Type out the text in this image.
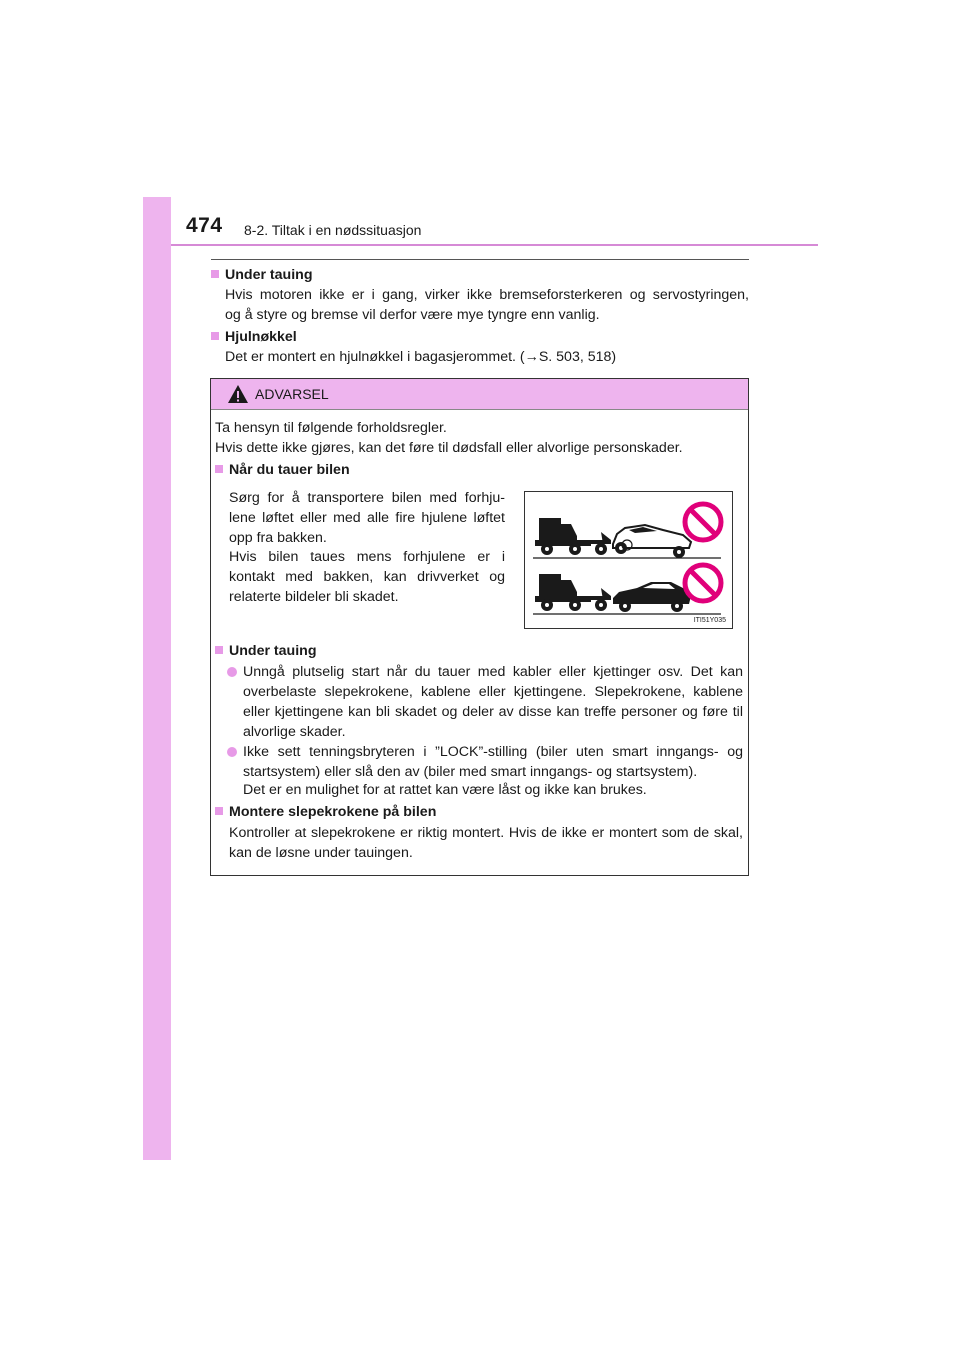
474 8-2. Tiltak i en nødssituasjon
Under tauing
Hvis motoren ikke er i gang, virker ikke bremseforsterkeren og servostyringen,
og å styre og bremse vil derfor være mye tyngre enn vanlig.
Hjulnøkkel
Det er montert en hjulnøkkel i bagasjerommet. (→S. 503, 518)
ADVARSEL
Ta hensyn til følgende forholdsregler.
Hvis dette ikke gjøres, kan det føre til dødsfall eller alvorlige personskader.
Når du tauer bilen
Sørg for å transportere bilen med forhju-lene løftet eller med alle fire hjulene løftet opp fra bakken.
Hvis bilen taues mens forhjulene er i kontakt med bakken, kan drivverket og relaterte bildeler bli skadet.
ITI51Y035
Under tauing
Unngå plutselig start når du tauer med kabler eller kjettinger osv. Det kan overbelaste slepekrokene, kablene eller kjettingene. Slepekrokene, kablene eller kjettingene kan bli skadet og deler av disse kan treffe personer og føre til alvorlige skader.
Ikke sett tenningsbryteren i ”LOCK”-stilling (biler uten smart inngangs- og startsystem) eller slå den av (biler med smart inngangs- og startsystem).
Det er en mulighet for at rattet kan være låst og ikke kan brukes.
Montere slepekrokene på bilen
Kontroller at slepekrokene er riktig montert. Hvis de ikke er montert som de skal, kan de løsne under tauingen.
